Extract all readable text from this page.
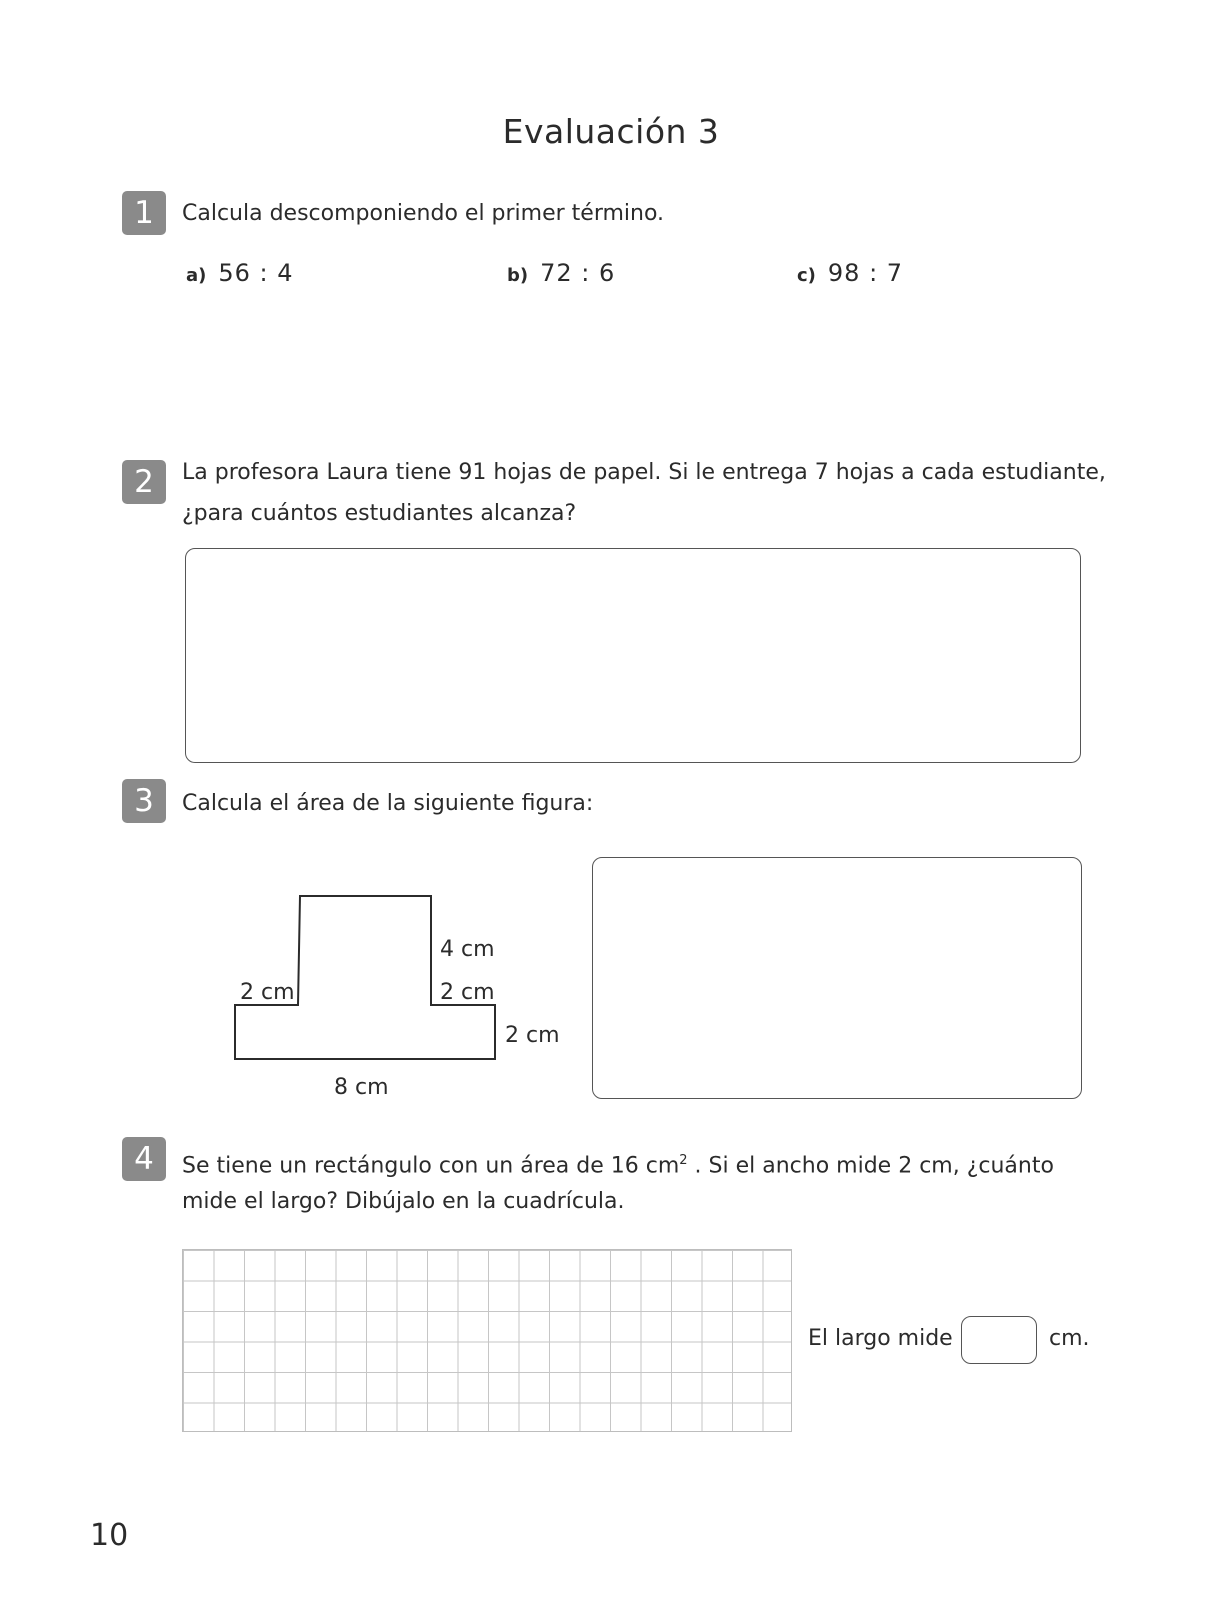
Evaluación 3
1	Calcula descomponiendo el primer término.
a) 56 : 4	b) 72 : 6	c) 98 : 7
2	La profesora Laura tiene 91 hojas de papel. Si le entrega 7 hojas a cada estudiante,
¿para cuántos estudiantes alcanza?
3	Calcula el área de la siguiente figura:
4 cm
2 cm	2 cm
2 cm
8 cm
4	Se tiene un rectángulo con un área de 16 $cm^2$ . Si el ancho mide 2 cm, ¿cuánto
mide el largo? Dibújalo en la cuadrícula.
El largo mide	cm.
10
